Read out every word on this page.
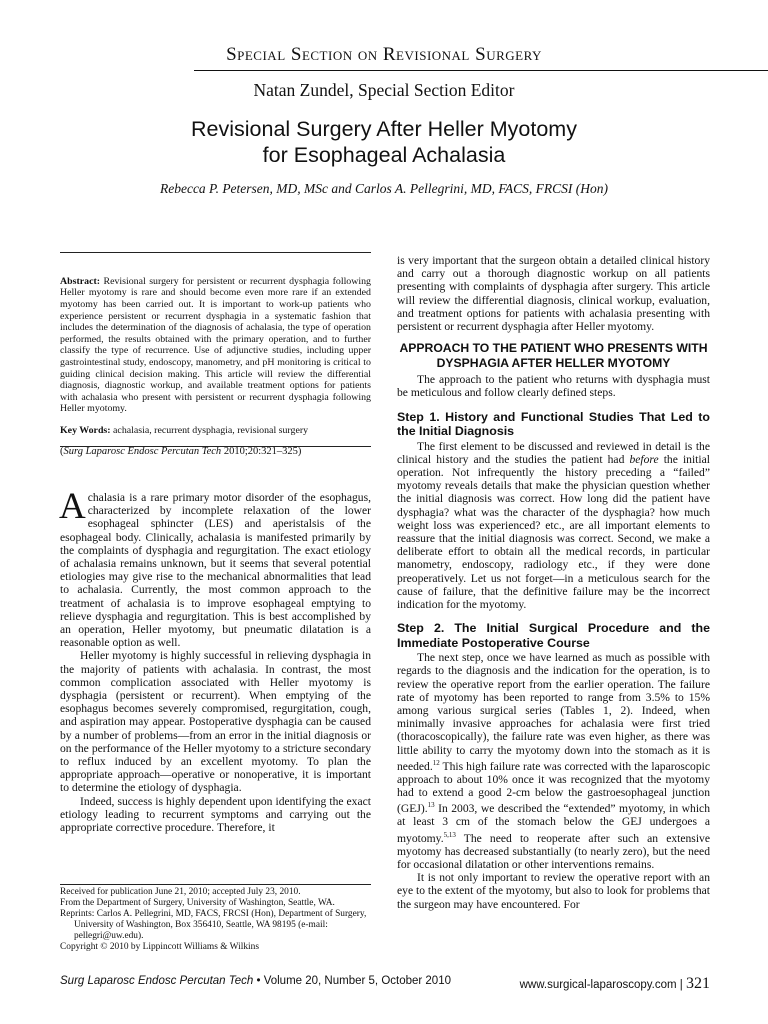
Special Section on Revisional Surgery
Natan Zundel, Special Section Editor
Revisional Surgery After Heller Myotomy
for Esophageal Achalasia
Rebecca P. Petersen, MD, MSc and Carlos A. Pellegrini, MD, FACS, FRCSI (Hon)

Abstract: Revisional surgery for persistent or recurrent dysphagia following Heller myotomy is rare and should become even more rare if an extended myotomy has been carried out. It is important to work-up patients who experience persistent or recurrent dysphagia in a systematic fashion that includes the determination of the diagnosis of achalasia, the type of operation performed, the results obtained with the primary operation, and to further classify the type of recurrence. Use of adjunctive studies, including upper gastrointestinal study, endoscopy, manometry, and pH monitoring is critical to guiding clinical decision making. This article will review the differential diagnosis, diagnostic workup, and available treatment options for patients with achalasia who present with persistent or recurrent dysphagia following Heller myotomy.

Key Words: achalasia, recurrent dysphagia, revisional surgery

(Surg Laparosc Endosc Percutan Tech 2010;20:321–325)

Achalasia is a rare primary motor disorder of the esophagus, characterized by incomplete relaxation of the lower esophageal sphincter (LES) and aperistalsis of the esophageal body. Clinically, achalasia is manifested primarily by the complaints of dysphagia and regurgitation. The exact etiology of achalasia remains unknown, but it seems that several potential etiologies may give rise to the mechanical abnormalities that lead to achalasia. Currently, the most common approach to the treatment of achalasia is to improve esophageal emptying to relieve dysphagia and regurgitation. This is best accomplished by an operation, Heller myotomy, but pneumatic dilatation is a reasonable option as well.

Heller myotomy is highly successful in relieving dysphagia in the majority of patients with achalasia. In contrast, the most common complication associated with Heller myotomy is dysphagia (persistent or recurrent). When emptying of the esophagus becomes severely compromised, regurgitation, cough, and aspiration may appear. Postoperative dysphagia can be caused by a number of problems—from an error in the initial diagnosis or on the performance of the Heller myotomy to a stricture secondary to reflux induced by an excellent myotomy. To plan the appropriate approach—operative or nonoperative, it is important to determine the etiology of dysphagia.

Indeed, success is highly dependent upon identifying the exact etiology leading to recurrent symptoms and carrying out the appropriate corrective procedure. Therefore, it

Received for publication June 21, 2010; accepted July 23, 2010.

From the Department of Surgery, University of Washington, Seattle, WA.

Reprints: Carlos A. Pellegrini, MD, FACS, FRCSI (Hon), Department of Surgery, University of Washington, Box 356410, Seattle, WA 98195 (e-mail: pellegri@uw.edu).

Copyright © 2010 by Lippincott Williams & Wilkins

is very important that the surgeon obtain a detailed clinical history and carry out a thorough diagnostic workup on all patients presenting with complaints of dysphagia after surgery. This article will review the differential diagnosis, clinical workup, evaluation, and treatment options for patients with achalasia presenting with persistent or recurrent dysphagia after Heller myotomy.

APPROACH TO THE PATIENT WHO PRESENTS WITH DYSPHAGIA AFTER HELLER MYOTOMY

The approach to the patient who returns with dysphagia must be meticulous and follow clearly defined steps.

Step 1. History and Functional Studies That Led to the Initial Diagnosis

The first element to be discussed and reviewed in detail is the clinical history and the studies the patient had before the initial operation. Not infrequently the history preceding a “failed” myotomy reveals details that make the physician question whether the initial diagnosis was correct. How long did the patient have dysphagia? what was the character of the dysphagia? how much weight loss was experienced? etc., are all important elements to reassure that the initial diagnosis was correct. Second, we make a deliberate effort to obtain all the medical records, in particular manometry, endoscopy, radiology etc., if they were done preoperatively. Let us not forget—in a meticulous search for the cause of failure, that the definitive failure may be the incorrect indication for the myotomy.

Step 2. The Initial Surgical Procedure and the Immediate Postoperative Course

The next step, once we have learned as much as possible with regards to the diagnosis and the indication for the operation, is to review the operative report from the earlier operation. The failure rate of myotomy has been reported to range from 3.5% to 15% among various surgical series (Tables 1, 2). Indeed, when minimally invasive approaches for achalasia were first tried (thoracoscopically), the failure rate was even higher, as there was little ability to carry the myotomy down into the stomach as it is needed.$^{12}$ This high failure rate was corrected with the laparoscopic approach to about 10% once it was recognized that the myotomy had to extend a good 2-cm below the gastroesophageal junction (GEJ).$^{13}$ In 2003, we described the “extended” myotomy, in which at least 3 cm of the stomach below the GEJ undergoes a myotomy.$^{5,13}$ The need to reoperate after such an extensive myotomy has decreased substantially (to nearly zero), but the need for occasional dilatation or other interventions remains.

It is not only important to review the operative report with an eye to the extent of the myotomy, but also to look for problems that the surgeon may have encountered. For

Surg Laparosc Endosc Percutan Tech • Volume 20, Number 5, October 2010	www.surgical-laparoscopy.com | 321
